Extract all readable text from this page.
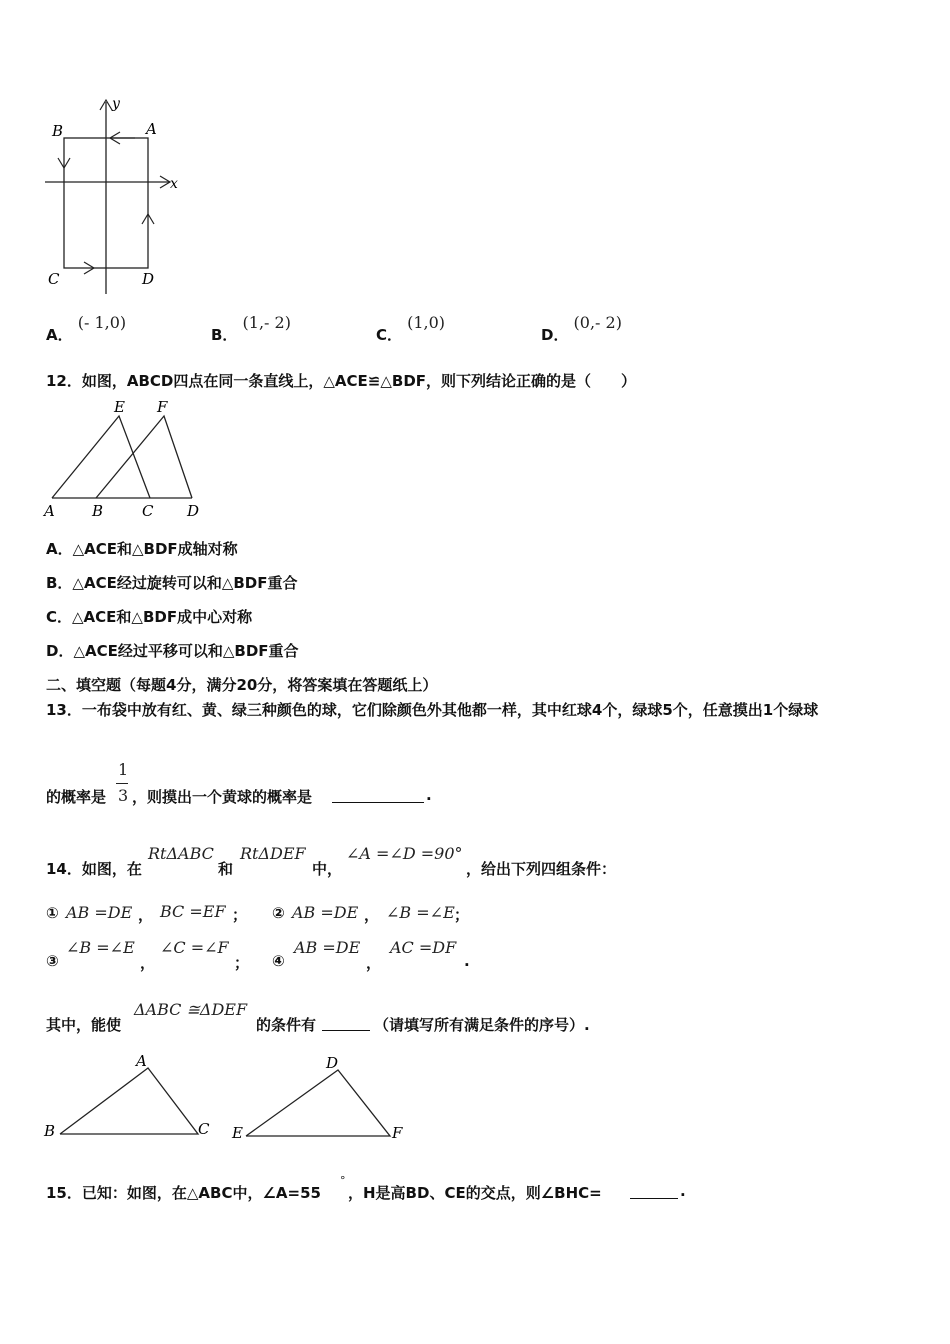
y
x
A
B
C	D
A． (- 1,0)
B． (1,- 2)
C． (1,0)
D． (0,- 2)
12．如图，ABCD四点在同一条直线上，△ACE≌△BDF，则下列结论正确的是（　　）
E F
A B	C D
A．△ACE和△BDF成轴对称
B．△ACE经过旋转可以和△BDF重合
C．△ACE和△BDF成中心对称
D．△ACE经过平移可以和△BDF重合
二、填空题（每题4分，满分20分，将答案填在答题纸上）
13．一布袋中放有红、黄、绿三种颜色的球，它们除颜色外其他都一样，其中红球4个，绿球5个，任意摸出1个绿球
的概率是
1
3 ，则摸出一个黄球的概率是	.
14．如图，在
RtΔABC
和
RtΔDEF
中，
∠A =∠D =90°
，给出下列四组条件：
① AB =DE ， BC =EF ； ② AB =DE ， ∠B =∠E ；
③
∠B =∠E
，
∠C =∠F
； ④
AB =DE
，
AC =DF
.
其中，能使
ΔABC ≅ΔDEF
的条件有	（请填写所有满足条件的序号）.
A
B	C
D
E	F
15．已知：如图，在△ABC中，∠A=55
°
，H是高BD、CE的交点，则∠BHC=	.
